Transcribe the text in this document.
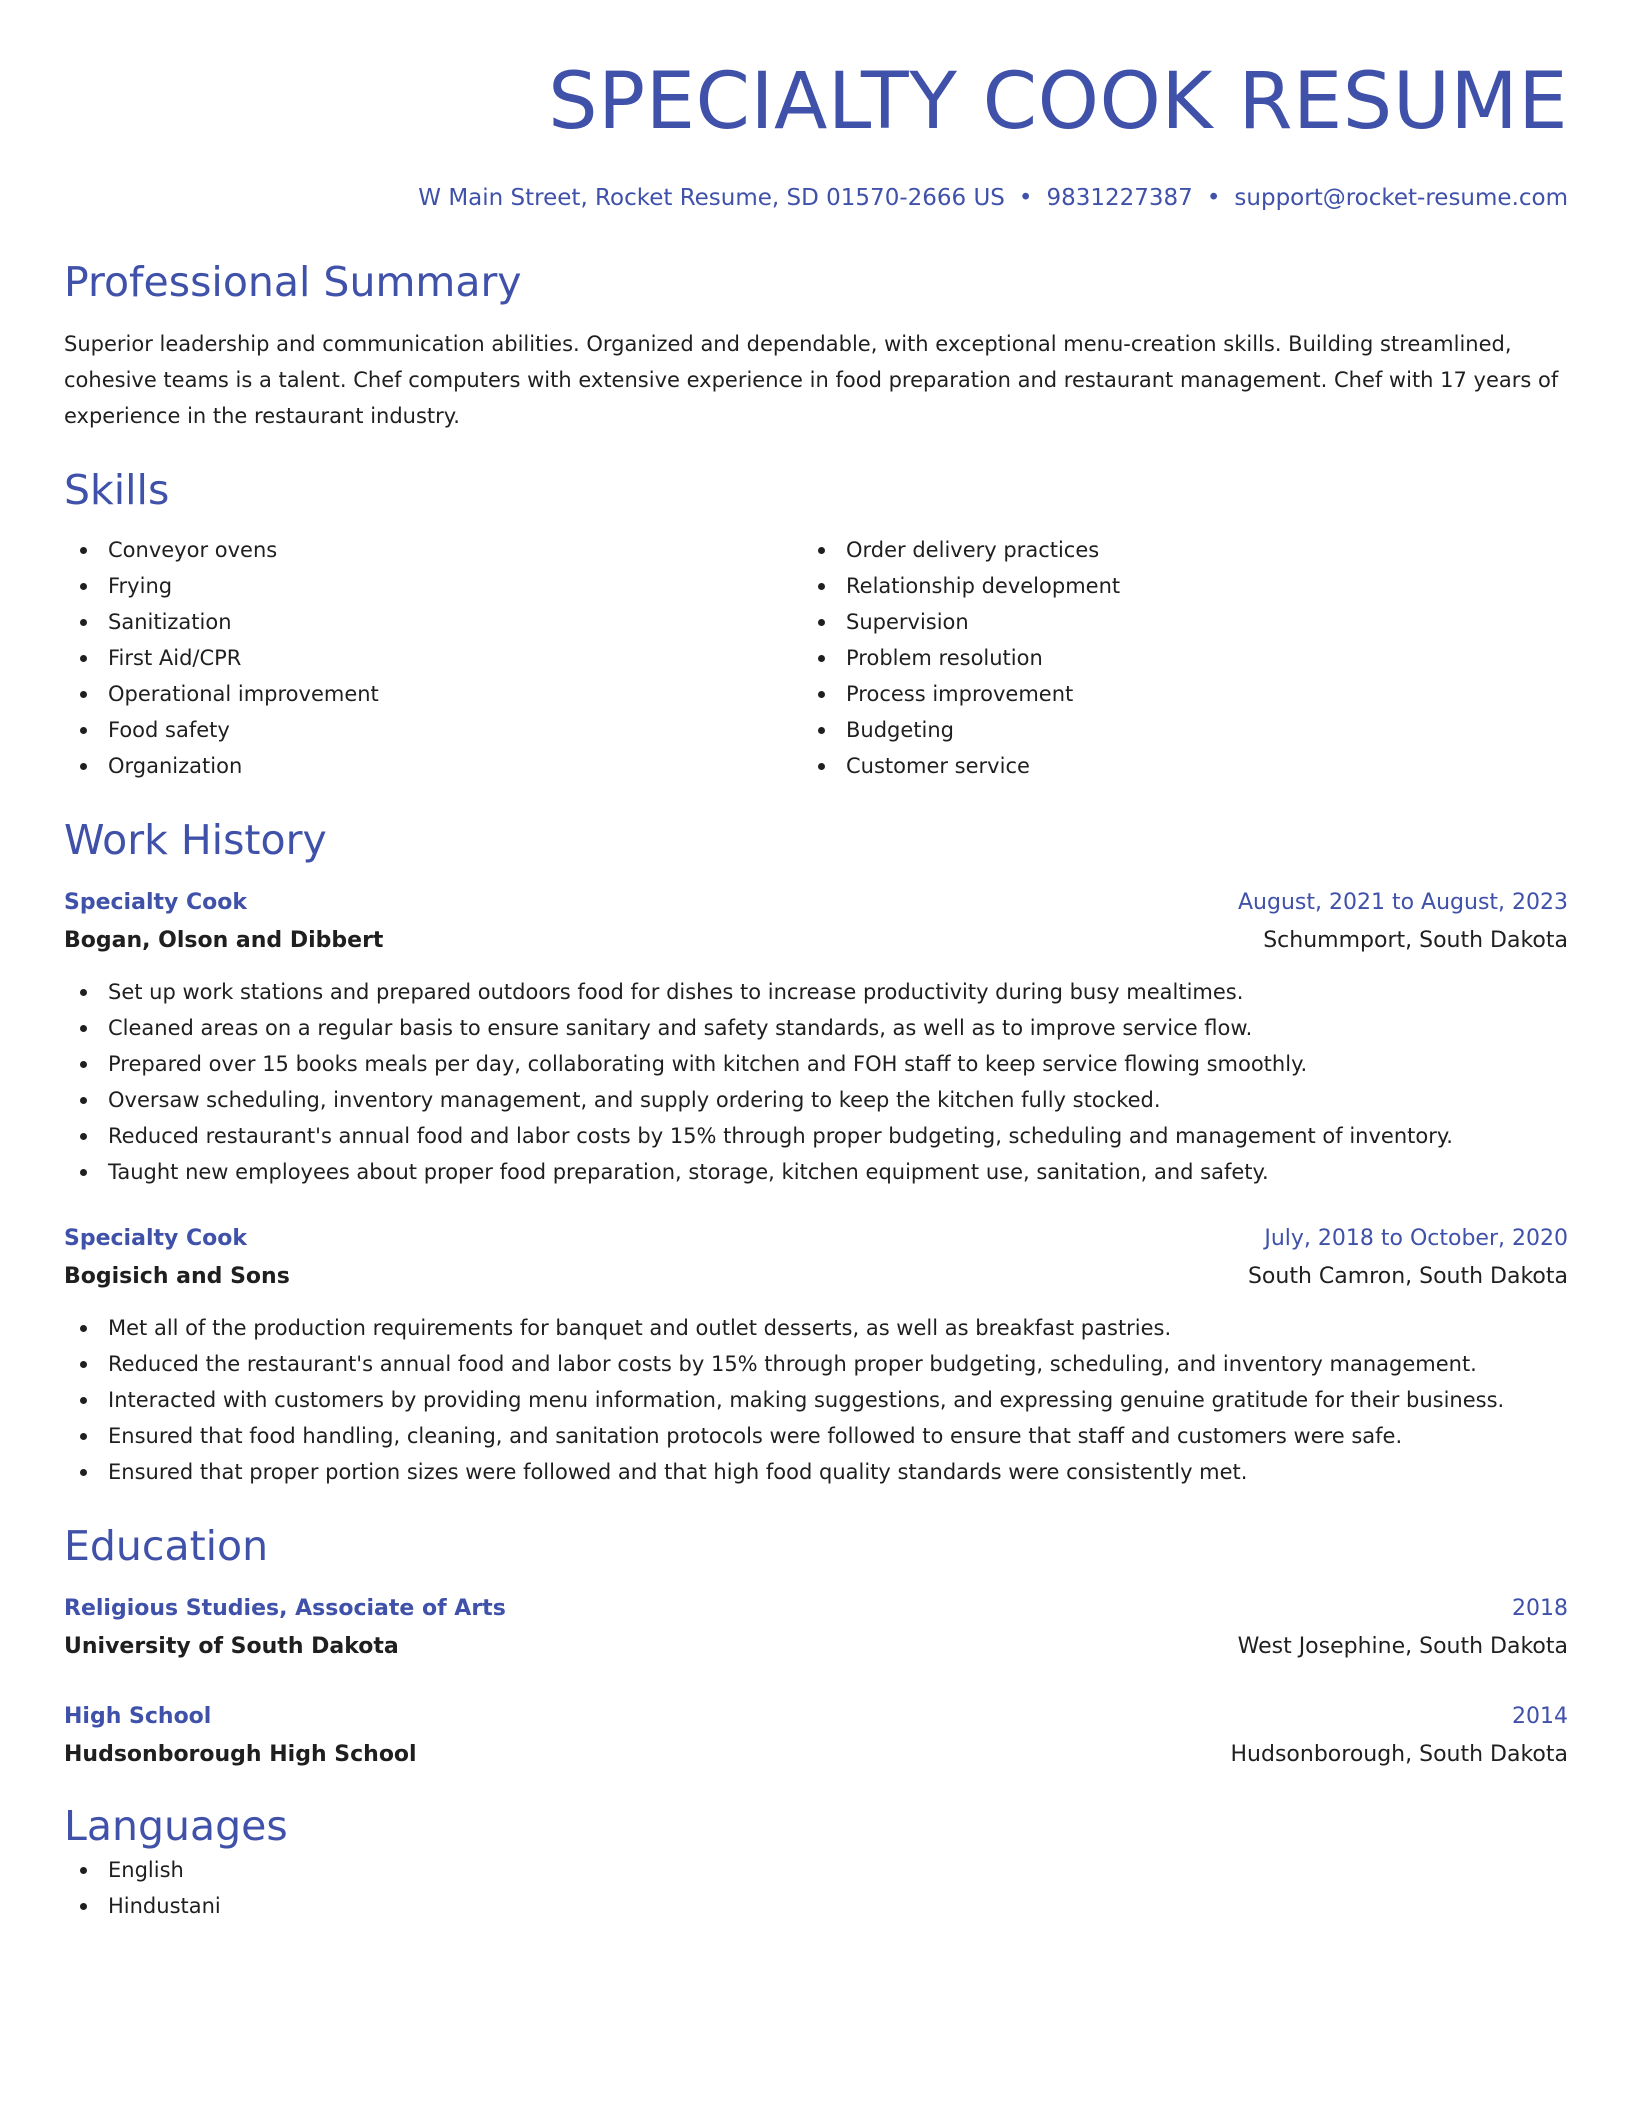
SPECIALTY COOK RESUME
W Main Street, Rocket Resume, SD 01570-2666 US • 9831227387 • support@rocket-resume.com
Professional Summary
Superior leadership and communication abilities. Organized and dependable, with exceptional menu-creation skills. Building streamlined, cohesive teams is a talent. Chef computers with extensive experience in food preparation and restaurant management. Chef with 17 years of experience in the restaurant industry.
Skills
Conveyor ovens
Frying
Sanitization
First Aid/CPR
Operational improvement
Food safety
Organization
Order delivery practices
Relationship development
Supervision
Problem resolution
Process improvement
Budgeting
Customer service
Work History
Specialty Cook	August, 2021 to August, 2023
Bogan, Olson and Dibbert	Schummport, South Dakota
Set up work stations and prepared outdoors food for dishes to increase productivity during busy mealtimes.
Cleaned areas on a regular basis to ensure sanitary and safety standards, as well as to improve service flow.
Prepared over 15 books meals per day, collaborating with kitchen and FOH staff to keep service flowing smoothly.
Oversaw scheduling, inventory management, and supply ordering to keep the kitchen fully stocked.
Reduced restaurant's annual food and labor costs by 15% through proper budgeting, scheduling and management of inventory.
Taught new employees about proper food preparation, storage, kitchen equipment use, sanitation, and safety.
Specialty Cook	July, 2018 to October, 2020
Bogisich and Sons	South Camron, South Dakota
Met all of the production requirements for banquet and outlet desserts, as well as breakfast pastries.
Reduced the restaurant's annual food and labor costs by 15% through proper budgeting, scheduling, and inventory management.
Interacted with customers by providing menu information, making suggestions, and expressing genuine gratitude for their business.
Ensured that food handling, cleaning, and sanitation protocols were followed to ensure that staff and customers were safe.
Ensured that proper portion sizes were followed and that high food quality standards were consistently met.
Education
Religious Studies, Associate of Arts	2018
University of South Dakota	West Josephine, South Dakota
High School	2014
Hudsonborough High School	Hudsonborough, South Dakota
Languages
English
Hindustani
